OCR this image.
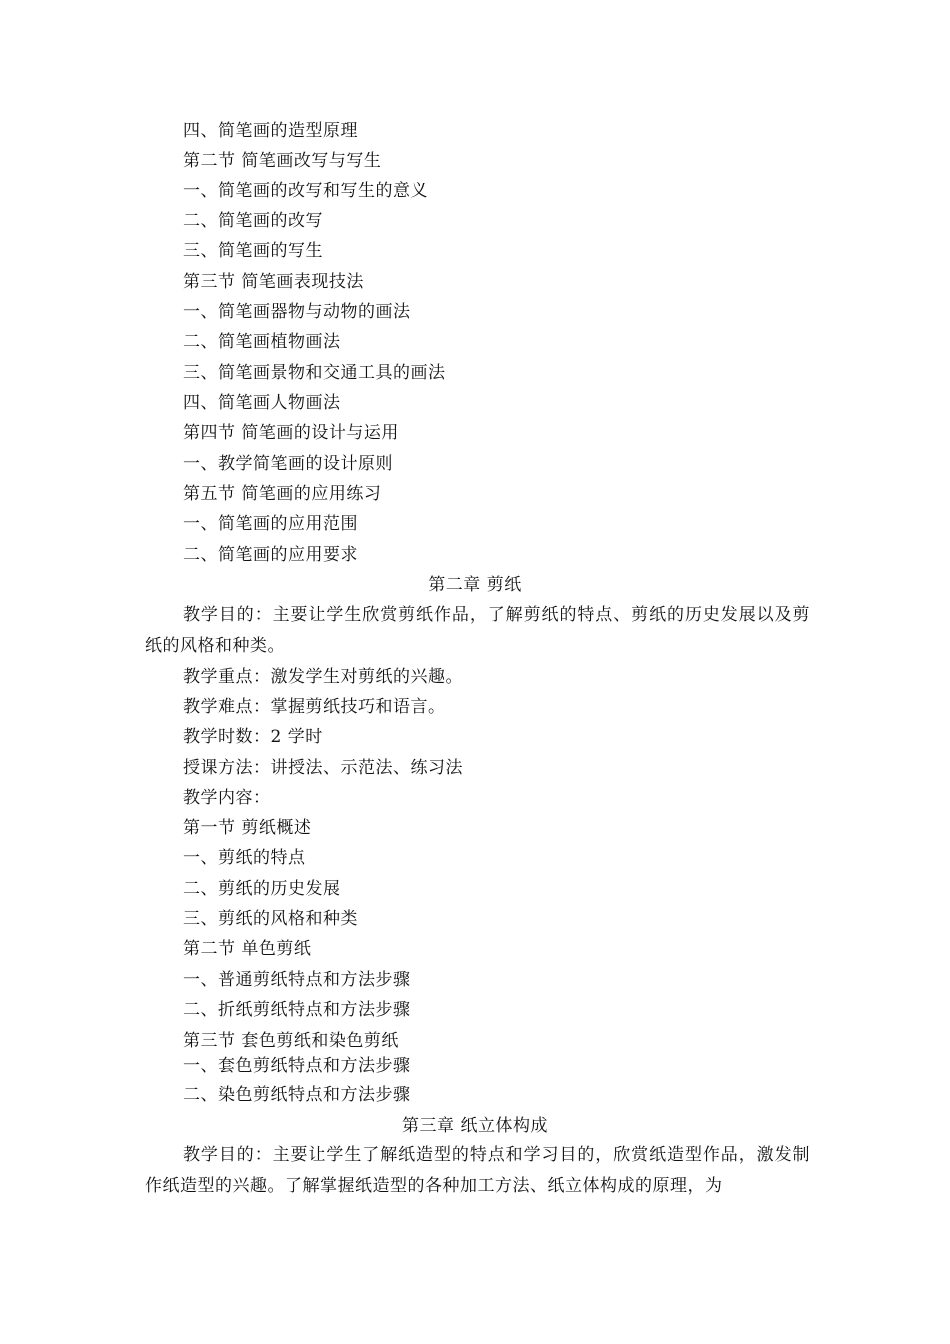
四、简笔画的造型原理
第二节 简笔画改写与写生
一、简笔画的改写和写生的意义
二、简笔画的改写
三、简笔画的写生
第三节 简笔画表现技法
一、简笔画器物与动物的画法
二、简笔画植物画法
三、简笔画景物和交通工具的画法
四、简笔画人物画法
第四节 简笔画的设计与运用
一、教学简笔画的设计原则
第五节 简笔画的应用练习
一、简笔画的应用范围
二、简笔画的应用要求
第二章 剪纸
教学目的：主要让学生欣赏剪纸作品，了解剪纸的特点、剪纸的历史发展以及剪纸的风格和种类。
教学重点：激发学生对剪纸的兴趣。
教学难点：掌握剪纸技巧和语言。
教学时数：2 学时
授课方法：讲授法、示范法、练习法
教学内容：
第一节 剪纸概述
一、剪纸的特点
二、剪纸的历史发展
三、剪纸的风格和种类
第二节 单色剪纸
一、普通剪纸特点和方法步骤
二、折纸剪纸特点和方法步骤
第三节 套色剪纸和染色剪纸
一、套色剪纸特点和方法步骤
二、染色剪纸特点和方法步骤
第三章 纸立体构成
教学目的：主要让学生了解纸造型的特点和学习目的，欣赏纸造型作品，激发制作纸造型的兴趣。了解掌握纸造型的各种加工方法、纸立体构成的原理，为
